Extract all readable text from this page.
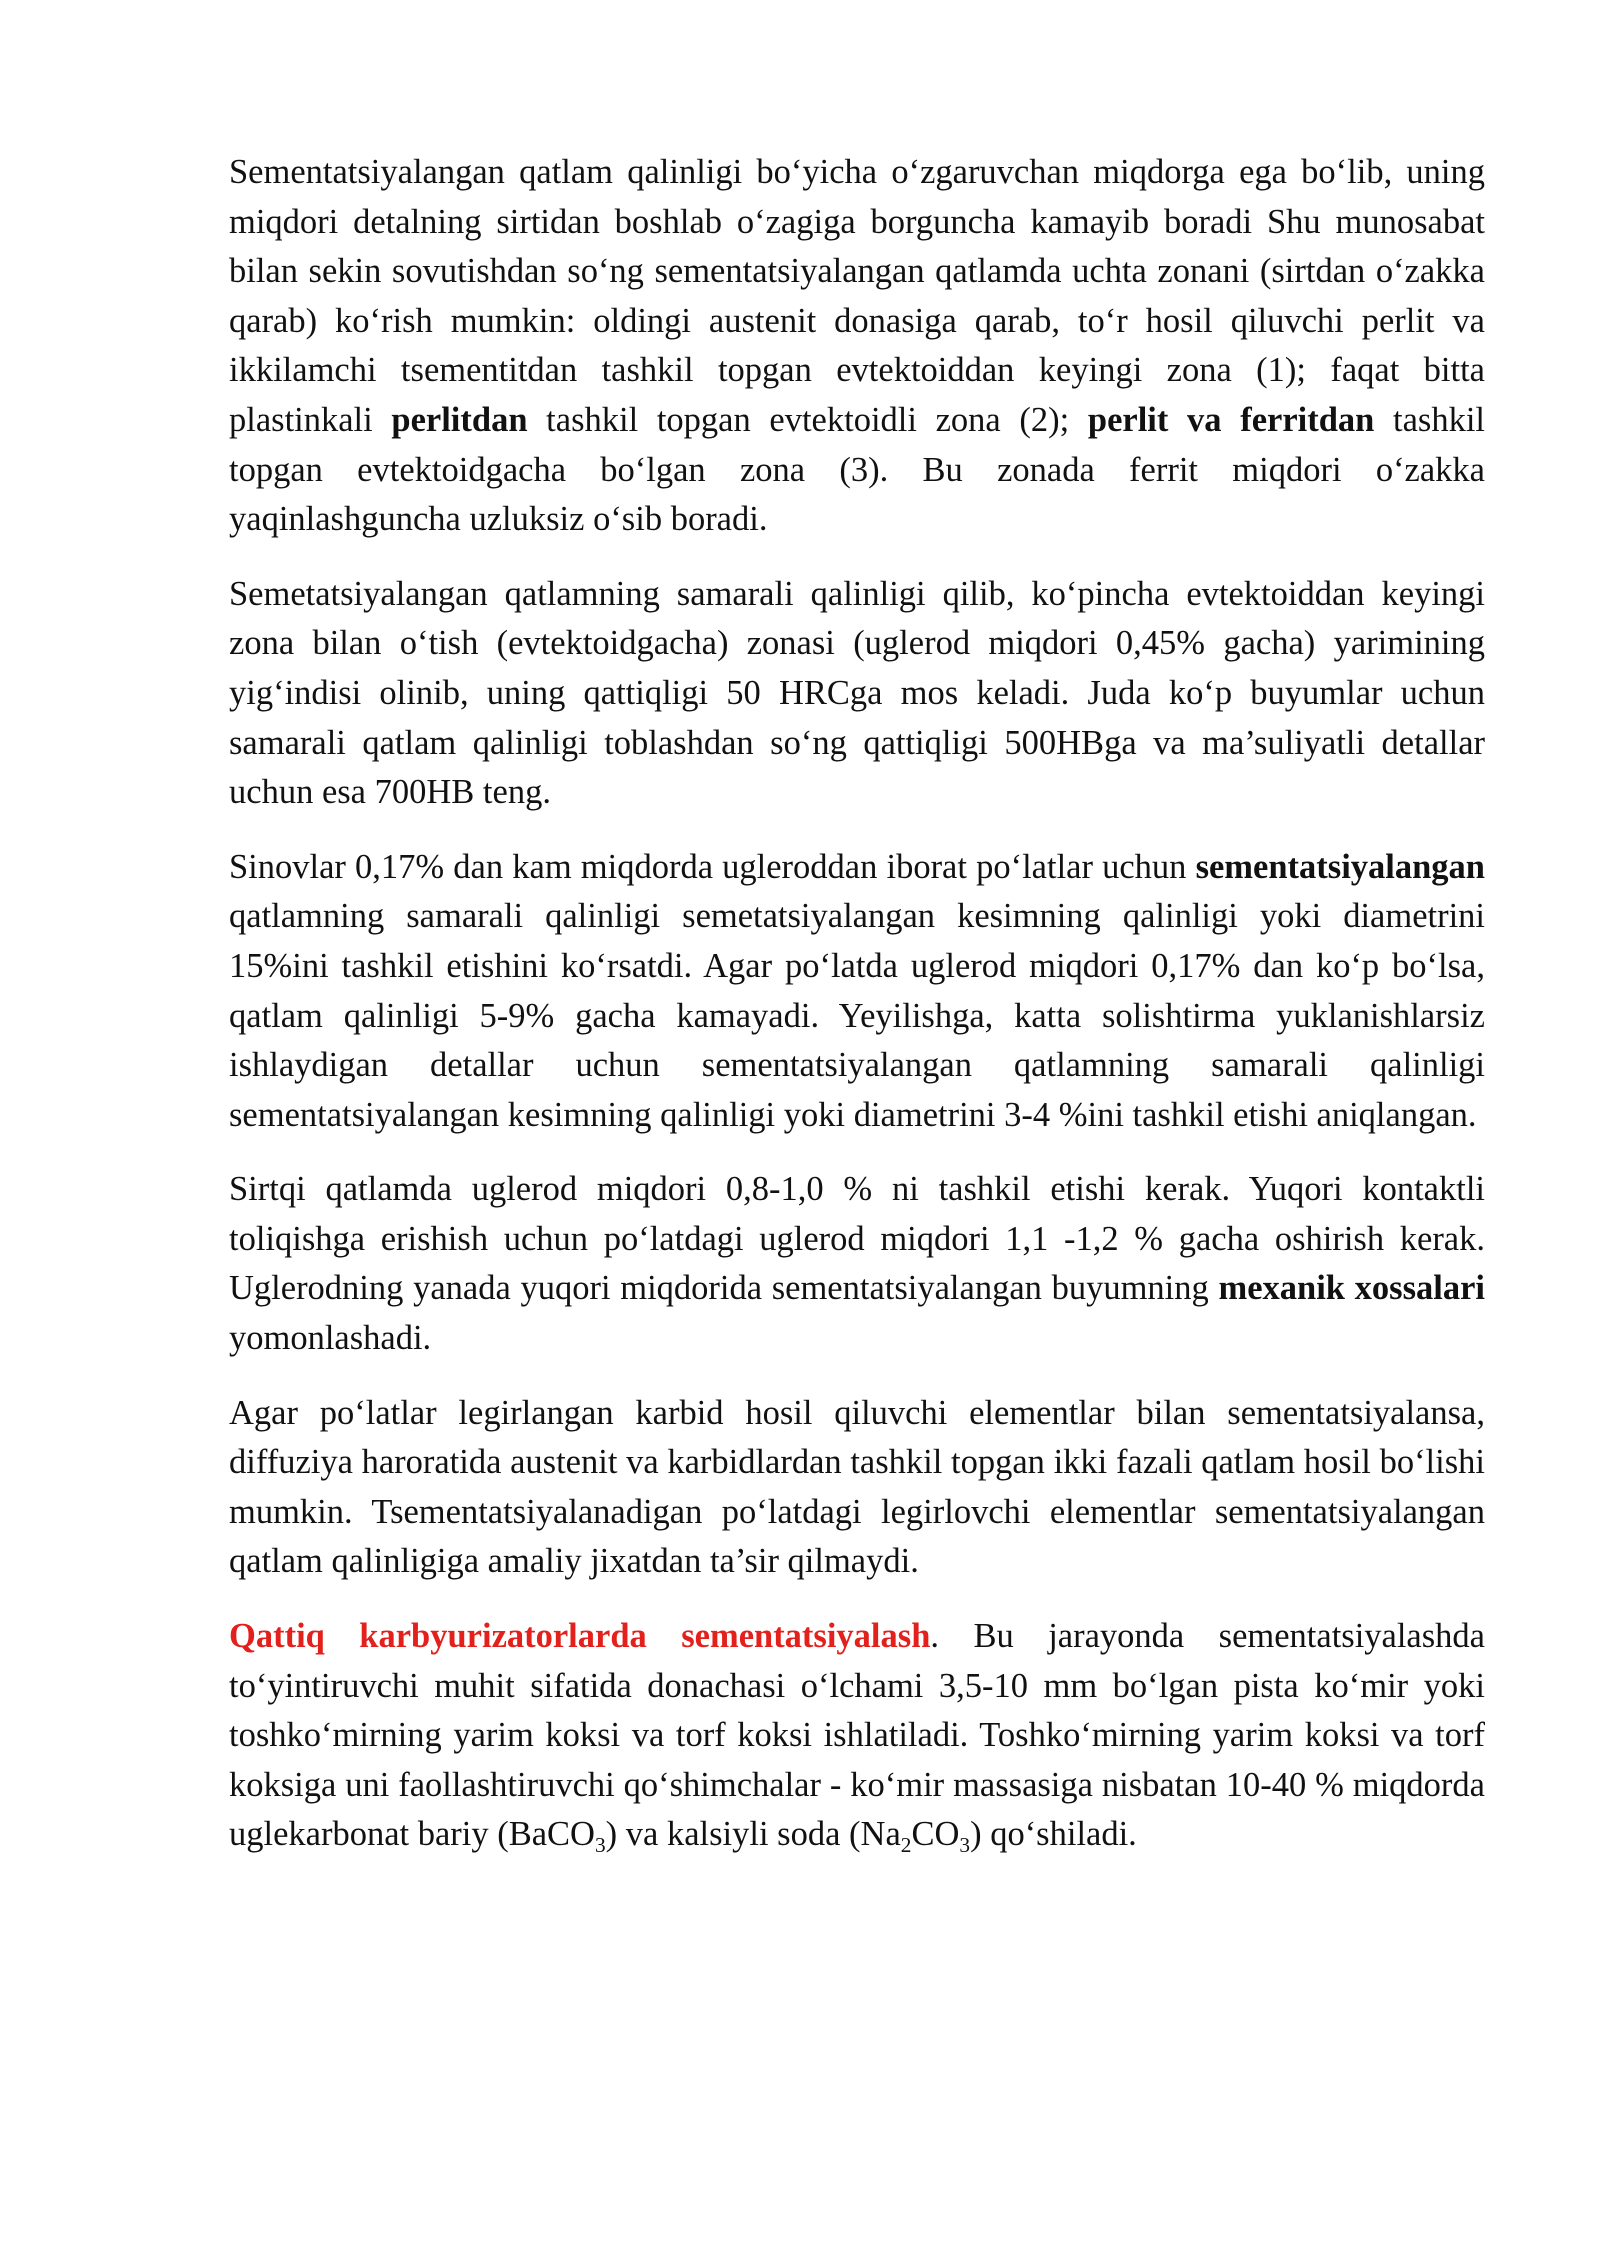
Sementatsiyalangan qatlam qalinligi bo‘yicha o‘zgaruvchan miqdorga ega bo‘lib, uning miqdori detalning sirtidan boshlab o‘zagiga borguncha kamayib boradi Shu munosabat bilan sekin sovutishdan so‘ng sementatsiyalangan qatlamda uchta zonani (sirtdan o‘zakka qarab) ko‘rish mumkin: oldingi austenit donasiga qarab, to‘r hosil qiluvchi perlit va ikkilamchi tsementitdan tashkil topgan evtektoiddan keyingi zona (1); faqat bitta plastinkali perlitdan tashkil topgan evtektoidli zona (2); perlit va ferritdan tashkil topgan evtektoidgacha bo‘lgan zona (3). Bu zonada ferrit miqdori o‘zakka yaqinlashguncha uzluksiz o‘sib boradi.

Semetatsiyalangan qatlamning samarali qalinligi qilib, ko‘pincha evtektoiddan keyingi zona bilan o‘tish (evtektoidgacha) zonasi (uglerod miqdori 0,45% gacha) yarimining yig‘indisi olinib, uning qattiqligi 50 HRCga mos keladi. Juda ko‘p buyumlar uchun samarali qatlam qalinligi toblashdan so‘ng qattiqligi 500HBga va ma’suliyatli detallar uchun esa 700HB teng.

Sinovlar 0,17% dan kam miqdorda ugleroddan iborat po‘latlar uchun sementatsiyalangan qatlamning samarali qalinligi semetatsiyalangan kesimning qalinligi yoki diametrini 15%ini tashkil etishini ko‘rsatdi. Agar po‘latda uglerod miqdori 0,17% dan ko‘p bo‘lsa, qatlam qalinligi 5-9% gacha kamayadi. Yeyilishga, katta solishtirma yuklanishlarsiz ishlaydigan detallar uchun sementatsiyalangan qatlamning samarali qalinligi sementatsiyalangan kesimning qalinligi yoki diametrini 3-4 %ini tashkil etishi aniqlangan.

Sirtqi qatlamda uglerod miqdori 0,8-1,0 % ni tashkil etishi kerak. Yuqori kontaktli toliqishga erishish uchun po‘latdagi uglerod miqdori 1,1 -1,2 % gacha oshirish kerak. Uglerodning yanada yuqori miqdorida sementatsiyalangan buyumning mexanik xossalari yomonlashadi.

Agar po‘latlar legirlangan karbid hosil qiluvchi elementlar bilan sementatsiyalansa, diffuziya haroratida austenit va karbidlardan tashkil topgan ikki fazali qatlam hosil bo‘lishi mumkin. Tsementatsiyalanadigan po‘latdagi legirlovchi elementlar sementatsiyalangan qatlam qalinligiga amaliy jixatdan ta’sir qilmaydi.

Qattiq karbyurizatorlarda sementatsiyalash. Bu jarayonda sementatsiyalashda to‘yintiruvchi muhit sifatida donachasi o‘lchami 3,5-10 mm bo‘lgan pista ko‘mir yoki toshko‘mirning yarim koksi va torf koksi ishlatiladi. Toshko‘mirning yarim koksi va torf koksiga uni faollashtiruvchi qo‘shimchalar - ko‘mir massasiga nisbatan 10-40 % miqdorda uglekarbonat bariy (BaCO$_3$) va kalsiyli soda $(Na_2CO_3)$ qo‘shiladi.
